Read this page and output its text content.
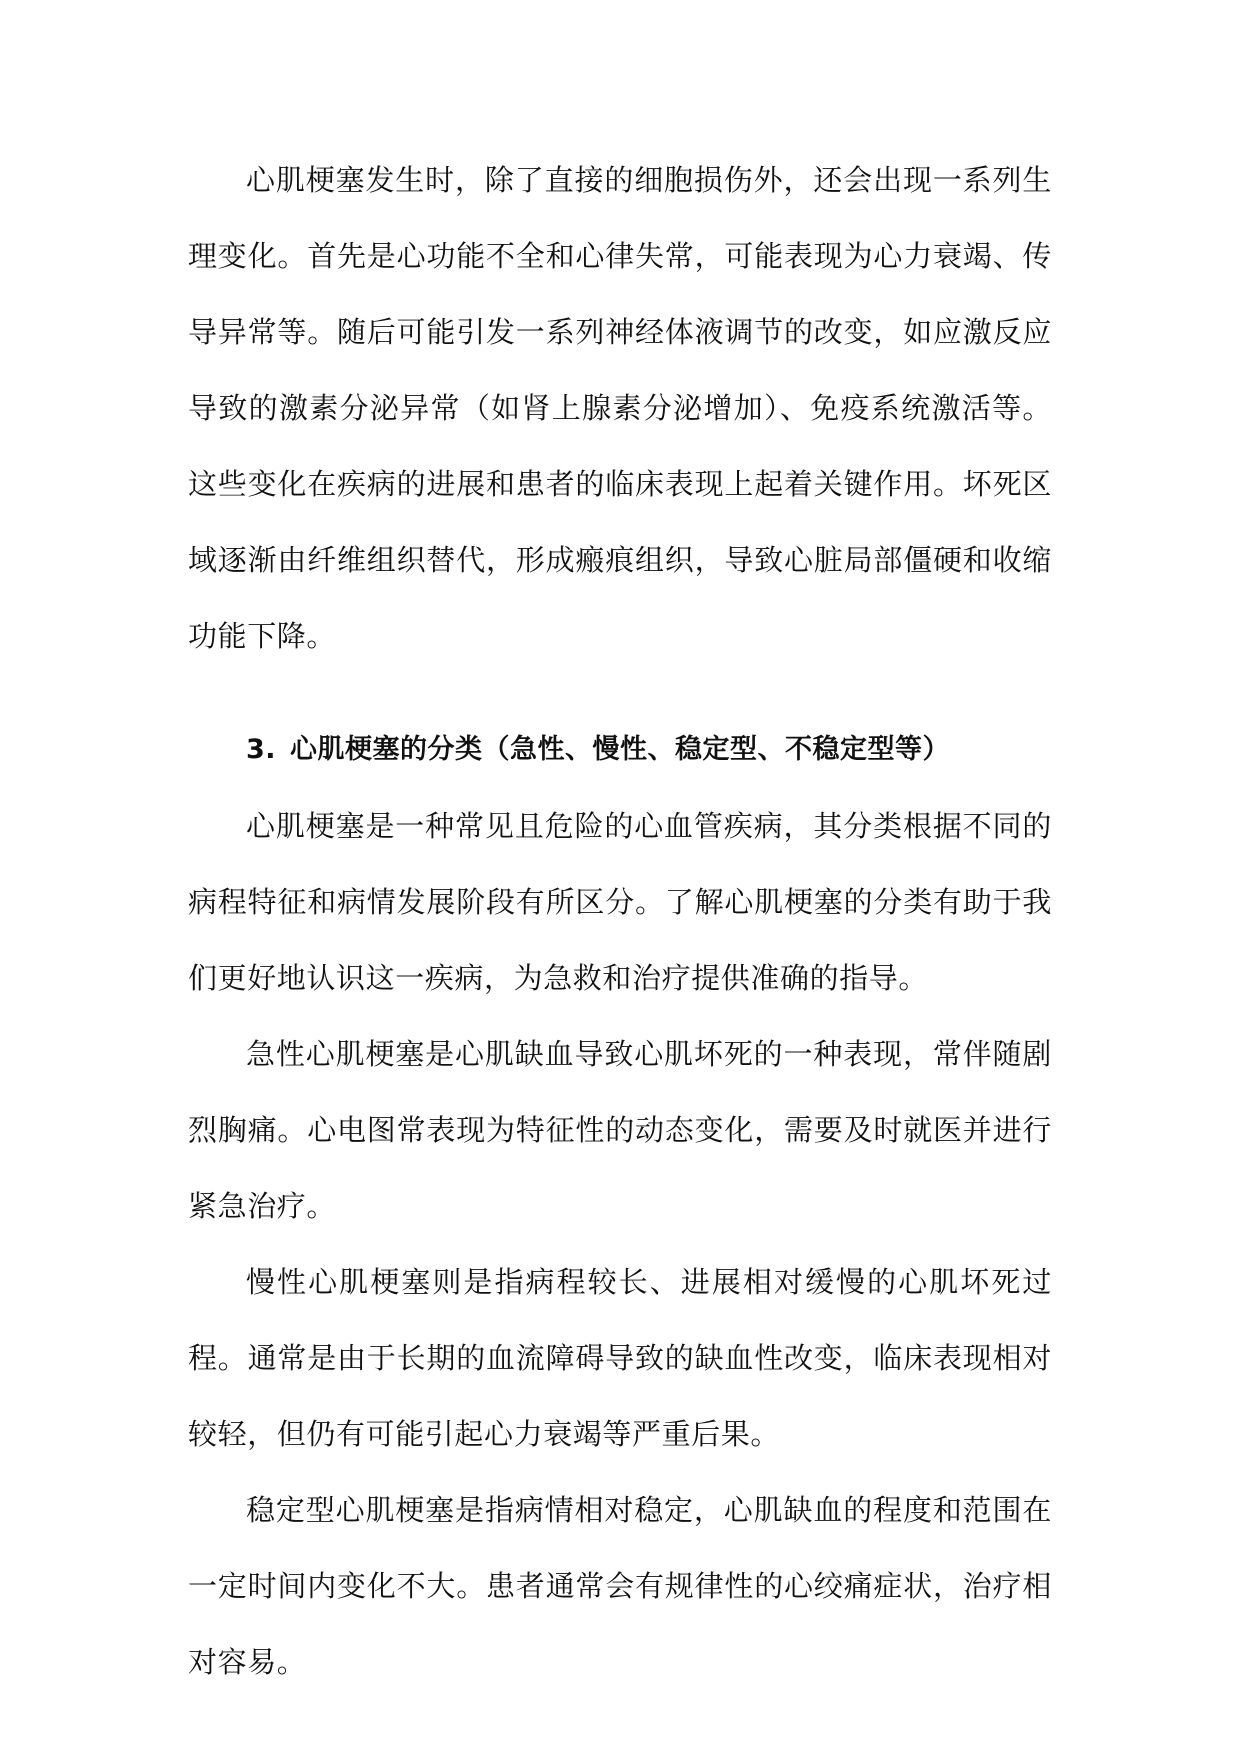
心肌梗塞发生时，除了直接的细胞损伤外，还会出现一系列生理变化。首先是心功能不全和心律失常，可能表现为心力衰竭、传导异常等。随后可能引发一系列神经体液调节的改变，如应激反应导致的激素分泌异常（如肾上腺素分泌增加）、免疫系统激活等。这些变化在疾病的进展和患者的临床表现上起着关键作用。坏死区域逐渐由纤维组织替代，形成瘢痕组织，导致心脏局部僵硬和收缩功能下降。

3. 心肌梗塞的分类（急性、慢性、稳定型、不稳定型等）

心肌梗塞是一种常见且危险的心血管疾病，其分类根据不同的病程特征和病情发展阶段有所区分。了解心肌梗塞的分类有助于我们更好地认识这一疾病，为急救和治疗提供准确的指导。

急性心肌梗塞是心肌缺血导致心肌坏死的一种表现，常伴随剧烈胸痛。心电图常表现为特征性的动态变化，需要及时就医并进行紧急治疗。

慢性心肌梗塞则是指病程较长、进展相对缓慢的心肌坏死过程。通常是由于长期的血流障碍导致的缺血性改变，临床表现相对较轻，但仍有可能引起心力衰竭等严重后果。

稳定型心肌梗塞是指病情相对稳定，心肌缺血的程度和范围在一定时间内变化不大。患者通常会有规律性的心绞痛症状，治疗相对容易。
